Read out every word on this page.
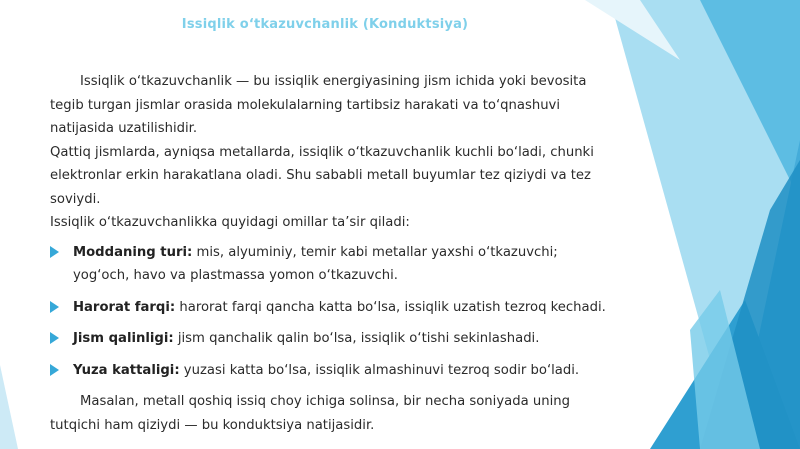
Issiqlik o‘tkazuvchanlik (Konduktsiya)

Issiqlik o‘tkazuvchanlik — bu issiqlik energiyasining jism ichida yoki bevosita tegib turgan jismlar orasida molekulalarning tartibsiz harakati va to‘qnashuvi natijasida uzatilishidir.

Qattiq jismlarda, ayniqsa metallarda, issiqlik o‘tkazuvchanlik kuchli bo‘ladi, chunki elektronlar erkin harakatlana oladi. Shu sababli metall buyumlar tez qiziydi va tez soviydi.

Issiqlik o‘tkazuvchanlikka quyidagi omillar ta’sir qiladi:

Moddaning turi: mis, alyuminiy, temir kabi metallar yaxshi o‘tkazuvchi; yog‘och, havo va plastmassa yomon o‘tkazuvchi.
Harorat farqi: harorat farqi qancha katta bo‘lsa, issiqlik uzatish tezroq kechadi.
Jism qalinligi: jism qanchalik qalin bo‘lsa, issiqlik o‘tishi sekinlashadi.
Yuza kattaligi: yuzasi katta bo‘lsa, issiqlik almashinuvi tezroq sodir bo‘ladi.

Masalan, metall qoshiq issiq choy ichiga solinsa, bir necha soniyada uning tutqichi ham qiziydi — bu konduktsiya natijasidir.
